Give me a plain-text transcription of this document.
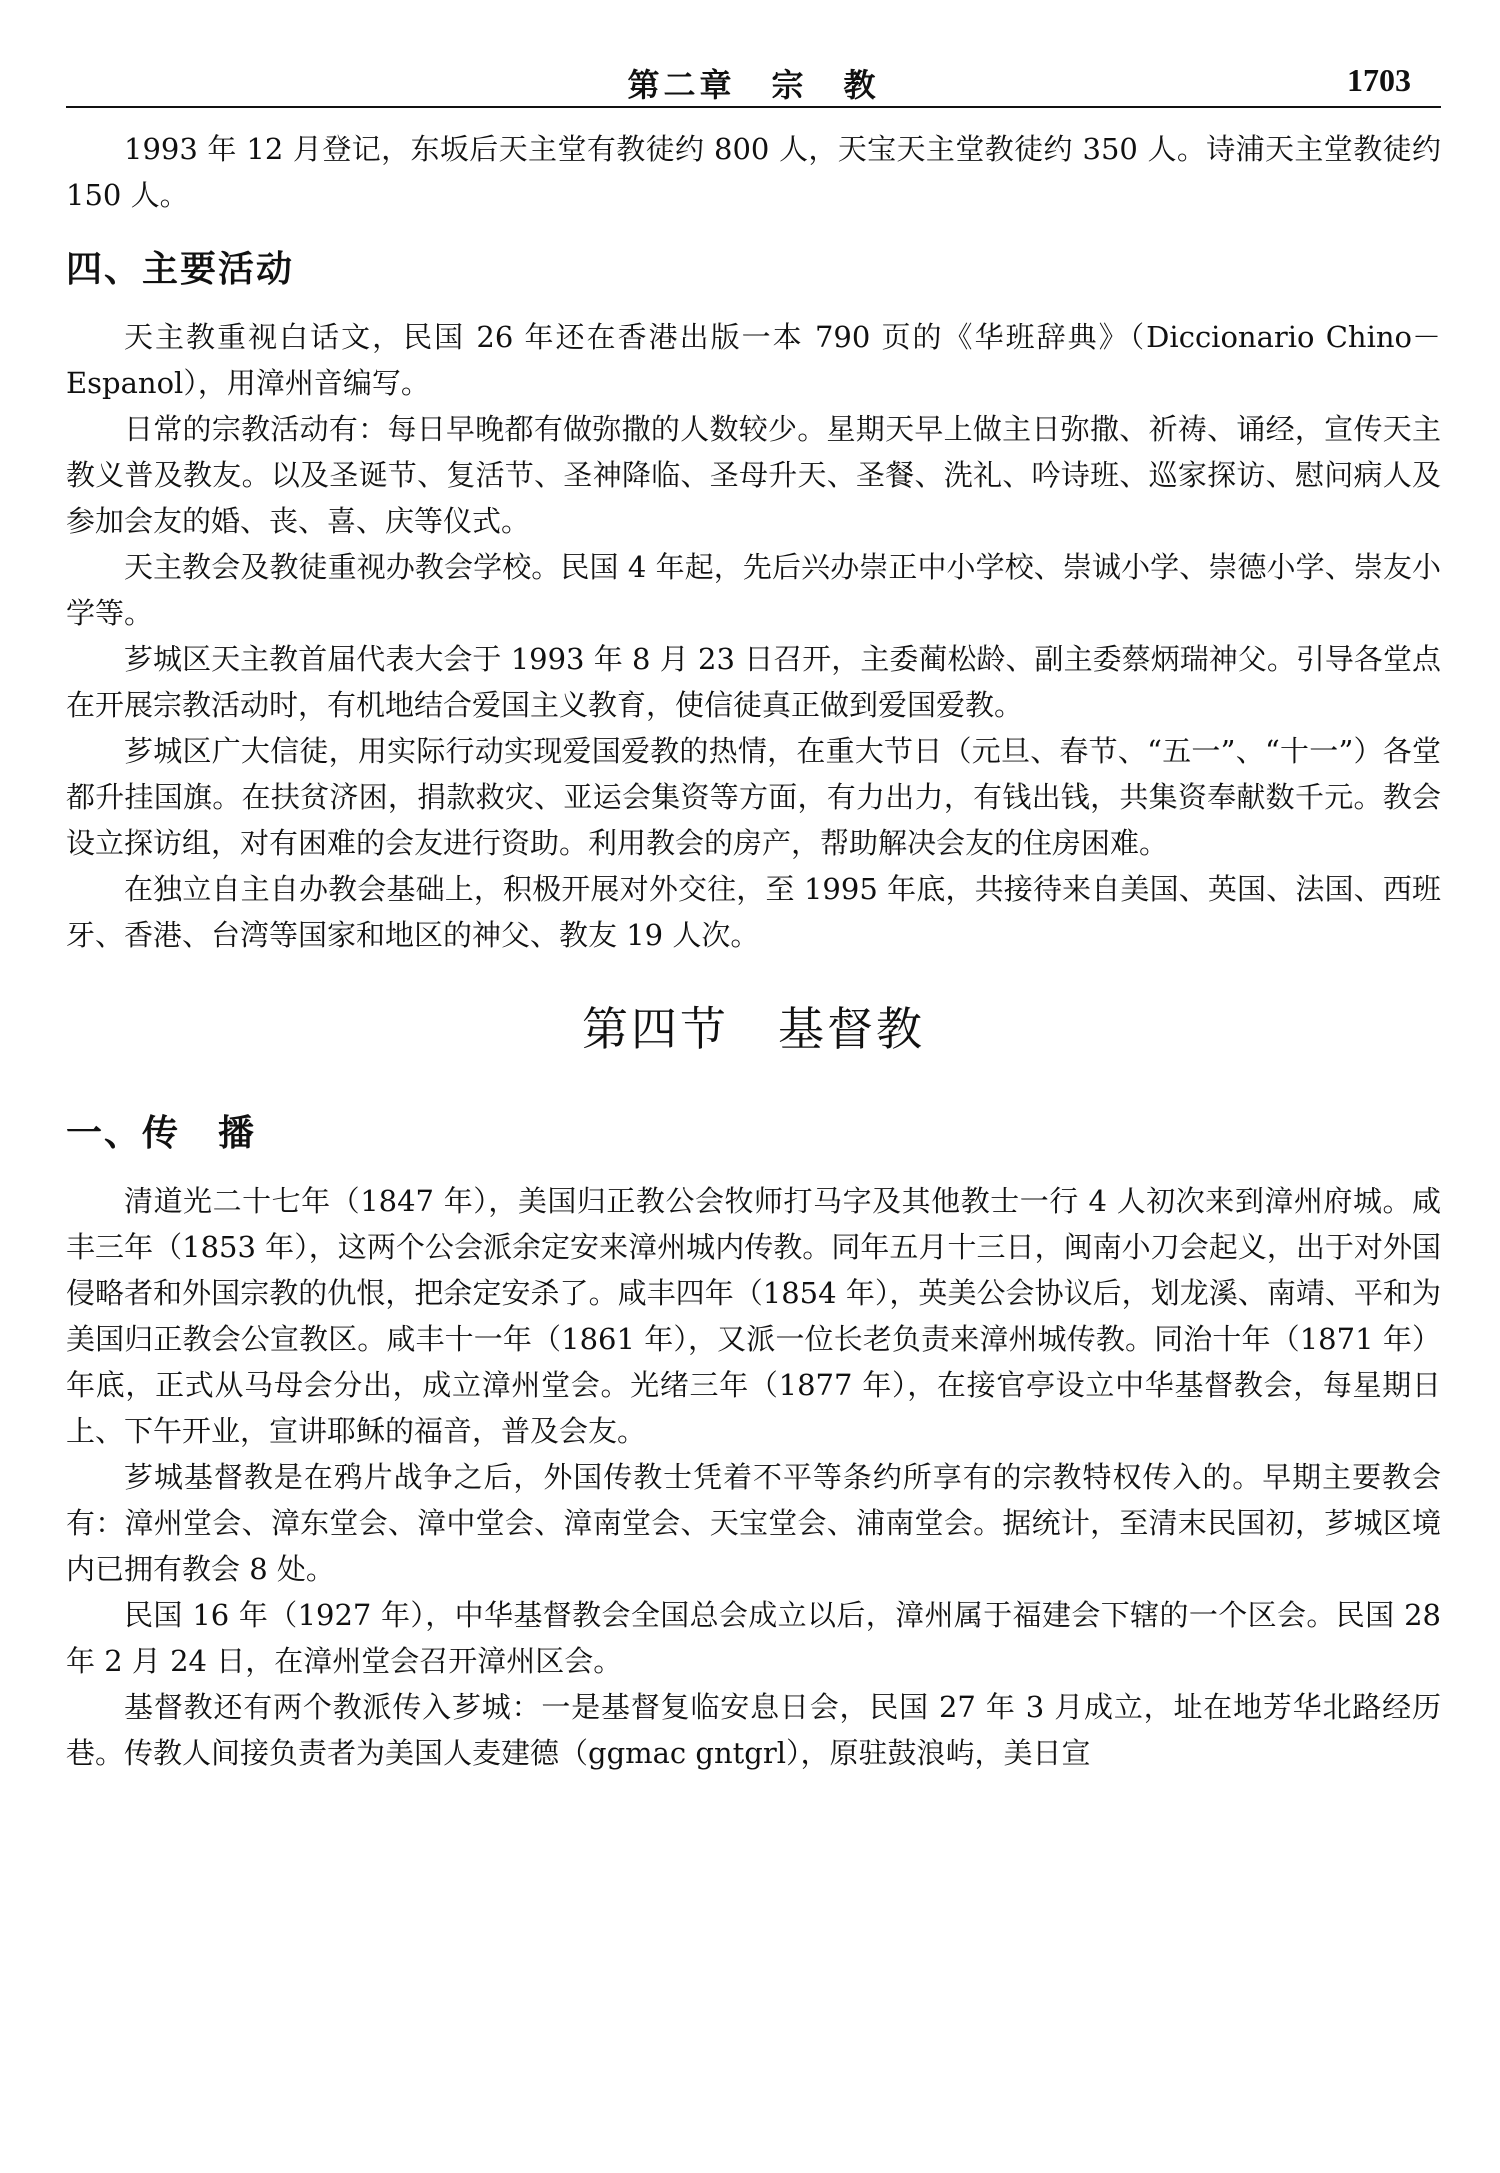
第二章　宗　教	1703

1993 年 12 月登记，东坂后天主堂有教徒约 800 人，天宝天主堂教徒约 350 人。诗浦天主堂教徒约 150 人。

四、主要活动

天主教重视白话文，民国 26 年还在香港出版一本 790 页的《华班辞典》（Diccionario Chino－Espanol），用漳州音编写。

日常的宗教活动有：每日早晚都有做弥撒的人数较少。星期天早上做主日弥撒、祈祷、诵经，宣传天主教义普及教友。以及圣诞节、复活节、圣神降临、圣母升天、圣餐、洗礼、吟诗班、巡家探访、慰问病人及参加会友的婚、丧、喜、庆等仪式。

天主教会及教徒重视办教会学校。民国 4 年起，先后兴办崇正中小学校、崇诚小学、崇德小学、崇友小学等。

芗城区天主教首届代表大会于 1993 年 8 月 23 日召开，主委蔺松龄、副主委蔡炳瑞神父。引导各堂点在开展宗教活动时，有机地结合爱国主义教育，使信徒真正做到爱国爱教。

芗城区广大信徒，用实际行动实现爱国爱教的热情，在重大节日（元旦、春节、“五一”、“十一”）各堂都升挂国旗。在扶贫济困，捐款救灾、亚运会集资等方面，有力出力，有钱出钱，共集资奉献数千元。教会设立探访组，对有困难的会友进行资助。利用教会的房产，帮助解决会友的住房困难。

在独立自主自办教会基础上，积极开展对外交往，至 1995 年底，共接待来自美国、英国、法国、西班牙、香港、台湾等国家和地区的神父、教友 19 人次。

第四节　基督教
一、传　播

清道光二十七年（1847 年），美国归正教公会牧师打马字及其他教士一行 4 人初次来到漳州府城。咸丰三年（1853 年），这两个公会派余定安来漳州城内传教。同年五月十三日，闽南小刀会起义，出于对外国侵略者和外国宗教的仇恨，把余定安杀了。咸丰四年（1854 年），英美公会协议后，划龙溪、南靖、平和为美国归正教会公宣教区。咸丰十一年（1861 年），又派一位长老负责来漳州城传教。同治十年（1871 年）年底，正式从马母会分出，成立漳州堂会。光绪三年（1877 年），在接官亭设立中华基督教会，每星期日上、下午开业，宣讲耶稣的福音，普及会友。

芗城基督教是在鸦片战争之后，外国传教士凭着不平等条约所享有的宗教特权传入的。早期主要教会有：漳州堂会、漳东堂会、漳中堂会、漳南堂会、天宝堂会、浦南堂会。据统计，至清末民国初，芗城区境内已拥有教会 8 处。

民国 16 年（1927 年），中华基督教会全国总会成立以后，漳州属于福建会下辖的一个区会。民国 28 年 2 月 24 日，在漳州堂会召开漳州区会。

基督教还有两个教派传入芗城：一是基督复临安息日会，民国 27 年 3 月成立，址在地芳华北路经历巷。传教人间接负责者为美国人麦建德（ggmac gntgrl），原驻鼓浪屿，美日宣
